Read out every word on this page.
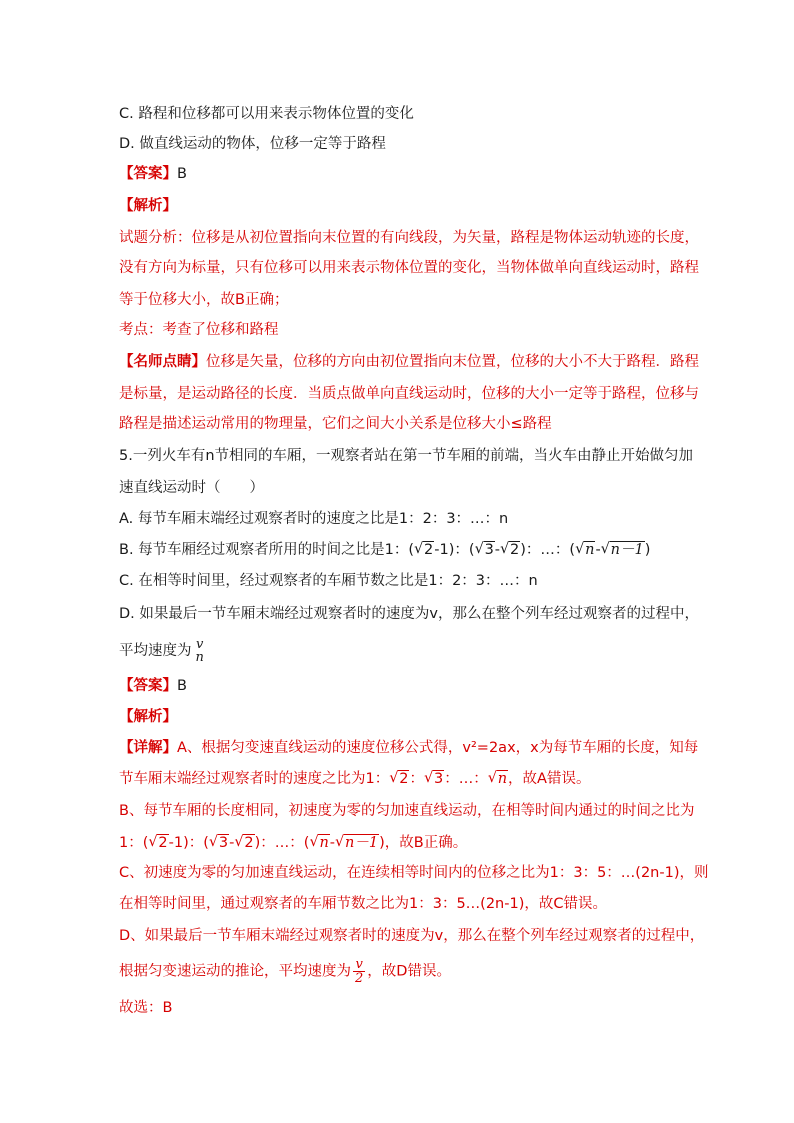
C. 路程和位移都可以用来表示物体位置的变化
D. 做直线运动的物体，位移一定等于路程
【答案】B
【解析】
试题分析：位移是从初位置指向末位置的有向线段，为矢量，路程是物体运动轨迹的长度，
没有方向为标量，只有位移可以用来表示物体位置的变化，当物体做单向直线运动时，路程
等于位移大小，故B正确；
考点：考查了位移和路程
【名师点睛】位移是矢量，位移的方向由初位置指向末位置，位移的大小不大于路程．路程
是标量，是运动路径的长度．当质点做单向直线运动时，位移的大小一定等于路程，位移与
路程是描述运动常用的物理量，它们之间大小关系是位移大小≤路程
5.一列火车有n节相同的车厢，一观察者站在第一节车厢的前端，当火车由静止开始做匀加
速直线运动时（　　）
A. 每节车厢末端经过观察者时的速度之比是1：2：3：…：n
B. 每节车厢经过观察者所用的时间之比是1：( √ 2-1)：( √ 3- √ 2)：…：( √ n- √ n－1)
C. 在相等时间里，经过观察者的车厢节数之比是1：2：3：…：n
D. 如果最后一节车厢末端经过观察者时的速度为v，那么在整个列车经过观察者的过程中，
平均速度为 v
n
【答案】B
【解析】
【详解】A、根据匀变速直线运动的速度位移公式得，v²=2ax，x为每节车厢的长度，知每
节车厢末端经过观察者时的速度之比为1： √ 2： √ 3：…： √ n，故A错误。
B、每节车厢的长度相同，初速度为零的匀加速直线运动，在相等时间内通过的时间之比为
1：( √ 2-1)：( √ 3- √ 2)：…：( √ n- √ n－1)，故B正确。
C、初速度为零的匀加速直线运动，在连续相等时间内的位移之比为1：3：5：…(2n-1)，则
在相等时间里，通过观察者的车厢节数之比为1：3：5…(2n-1)，故C错误。
D、如果最后一节车厢末端经过观察者时的速度为v，那么在整个列车经过观察者的过程中，
根据匀变速运动的推论，平均速度为 $\frac{v}{2}$ ，故D错误。
故选：B
